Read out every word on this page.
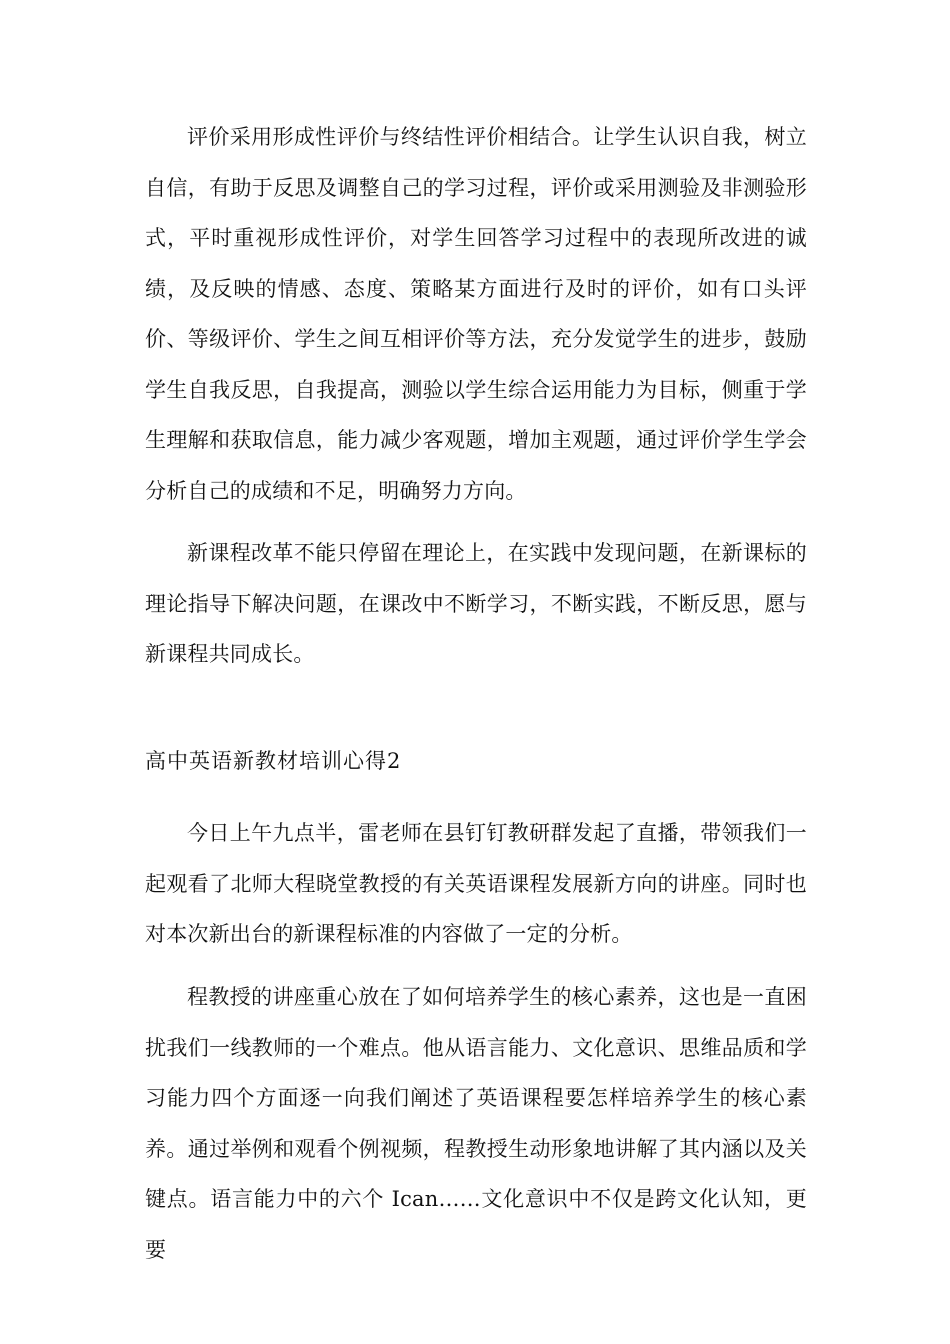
评价采用形成性评价与终结性评价相结合。让学生认识自我，树立自信，有助于反思及调整自己的学习过程，评价或采用测验及非测验形式，平时重视形成性评价，对学生回答学习过程中的表现所改进的诚绩，及反映的情感、态度、策略某方面进行及时的评价，如有口头评价、等级评价、学生之间互相评价等方法，充分发觉学生的进步，鼓励学生自我反思，自我提高，测验以学生综合运用能力为目标，侧重于学生理解和获取信息，能力减少客观题，增加主观题，通过评价学生学会分析自己的成绩和不足，明确努力方向。

新课程改革不能只停留在理论上，在实践中发现问题，在新课标的理论指导下解决问题，在课改中不断学习，不断实践，不断反思，愿与新课程共同成长。

高中英语新教材培训心得2

今日上午九点半，雷老师在县钉钉教研群发起了直播，带领我们一起观看了北师大程晓堂教授的有关英语课程发展新方向的讲座。同时也对本次新出台的新课程标准的内容做了一定的分析。

程教授的讲座重心放在了如何培养学生的核心素养，这也是一直困扰我们一线教师的一个难点。他从语言能力、文化意识、思维品质和学习能力四个方面逐一向我们阐述了英语课程要怎样培养学生的核心素养。通过举例和观看个例视频，程教授生动形象地讲解了其内涵以及关键点。语言能力中的六个 Ican……文化意识中不仅是跨文化认知，更要
